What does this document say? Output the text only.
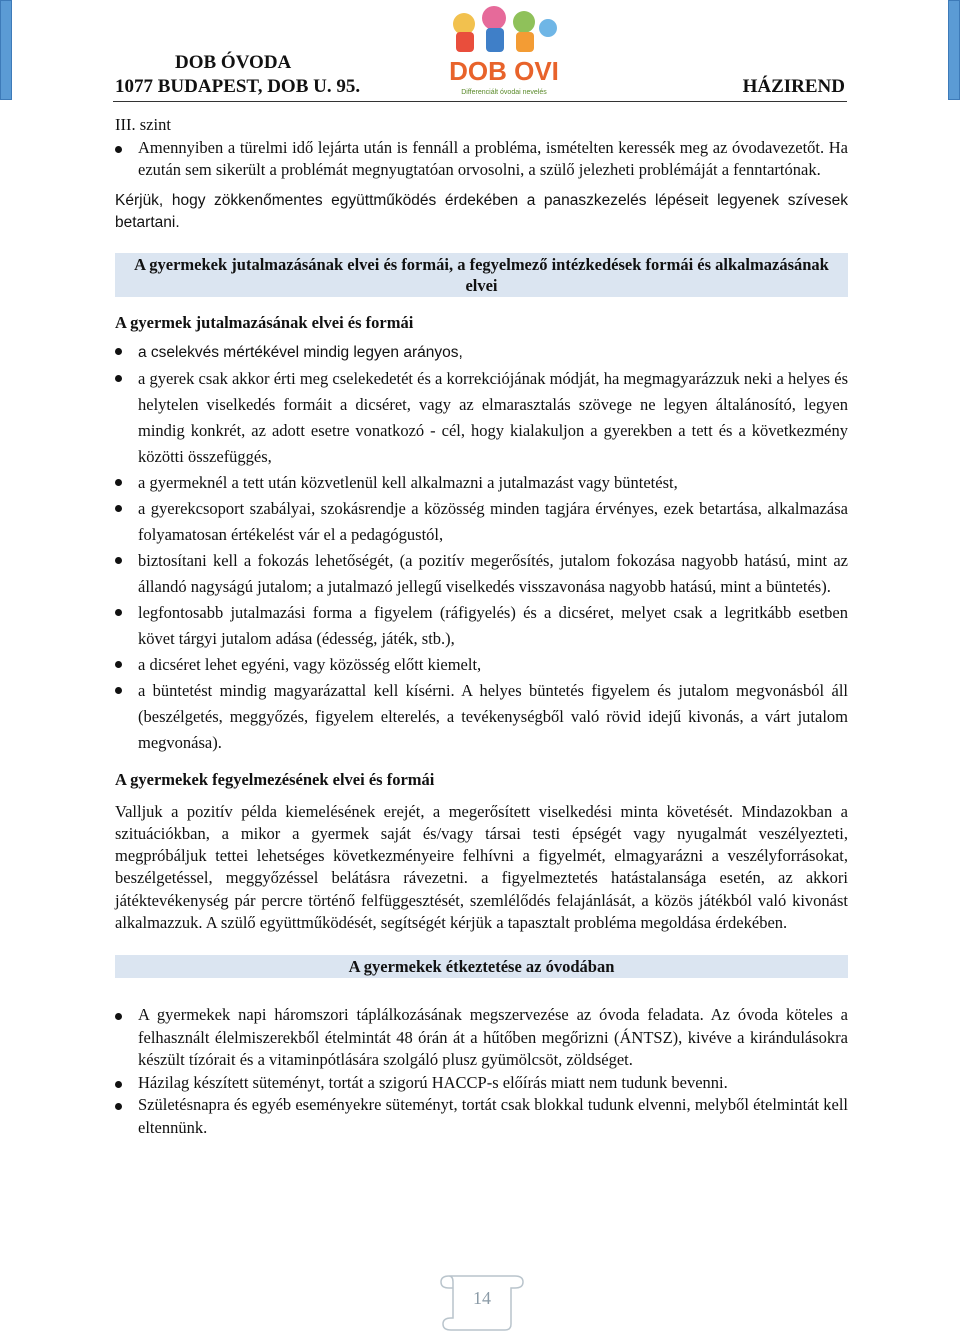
DOB ÓVODA
1077 BUDAPEST, DOB U. 95.	HÁZIREND
DOB OVI
Differenciált óvodai nevelés

III. szint

Amennyiben a türelmi idő lejárta után is fennáll a probléma, ismételten keressék meg az óvodavezetőt. Ha ezután sem sikerült a problémát megnyugtatóan orvosolni, a szülő jelezheti problémáját a fenntartónak.

Kérjük, hogy zökkenőmentes együttműködés érdekében a panaszkezelés lépéseit legyenek szívesek betartani.

A gyermekek jutalmazásának elvei és formái, a fegyelmező intézkedések formái és alkalmazásának elvei

A gyermek jutalmazásának elvei és formái

a cselekvés mértékével mindig legyen arányos,
a gyerek csak akkor érti meg cselekedetét és a korrekciójának módját, ha megmagyarázzuk neki a helyes és helytelen viselkedés formáit a dicséret, vagy az elmarasztalás szövege ne legyen általánosító, legyen mindig konkrét, az adott esetre vonatkozó - cél, hogy kialakuljon a gyerekben a tett és a következmény közötti összefüggés,
a gyermeknél a tett után közvetlenül kell alkalmazni a jutalmazást vagy büntetést,
a gyerekcsoport szabályai, szokásrendje a közösség minden tagjára érvényes, ezek betartása, alkalmazása folyamatosan értékelést vár el a pedagógustól,
biztosítani kell a fokozás lehetőségét, (a pozitív megerősítés, jutalom fokozása nagyobb hatású, mint az állandó nagyságú jutalom; a jutalmazó jellegű viselkedés visszavonása nagyobb hatású, mint a büntetés).
legfontosabb jutalmazási forma a figyelem (ráfigyelés) és a dicséret, melyet csak a legritkább esetben követ tárgyi jutalom adása (édesség, játék, stb.),
a dicséret lehet egyéni, vagy közösség előtt kiemelt,
a büntetést mindig magyarázattal kell kísérni. A helyes büntetés figyelem és jutalom megvonásból áll (beszélgetés, meggyőzés, figyelem elterelés, a tevékenységből való rövid idejű kivonás, a várt jutalom megvonása).

A gyermekek fegyelmezésének elvei és formái

Valljuk a pozitív példa kiemelésének erejét, a megerősített viselkedési minta követését. Mindazokban a szituációkban, a mikor a gyermek saját és/vagy társai testi épségét vagy nyugalmát veszélyezteti, megpróbáljuk tettei lehetséges következményeire felhívni a figyelmét, elmagyarázni a veszélyforrásokat, beszélgetéssel, meggyőzéssel belátásra rávezetni. a figyelmeztetés hatástalansága esetén, az akkori játéktevékenység pár percre történő felfüggesztését, szemlélődés felajánlását, a közös játékból való kivonást alkalmazzuk. A szülő együttműködését, segítségét kérjük a tapasztalt probléma megoldása érdekében.

A gyermekek étkeztetése az óvodában

A gyermekek napi háromszori táplálkozásának megszervezése az óvoda feladata. Az óvoda köteles a felhasznált élelmiszerekből ételmintát 48 órán át a hűtőben megőrizni (ÁNTSZ), kivéve a kirándulásokra készült tízórait és a vitaminpótlására szolgáló plusz gyümölcsöt, zöldséget.
Házilag készített süteményt, tortát a szigorú HACCP-s előírás miatt nem tudunk bevenni.
Születésnapra és egyéb eseményekre süteményt, tortát csak blokkal tudunk elvenni, melyből ételmintát kell eltennünk.
14
